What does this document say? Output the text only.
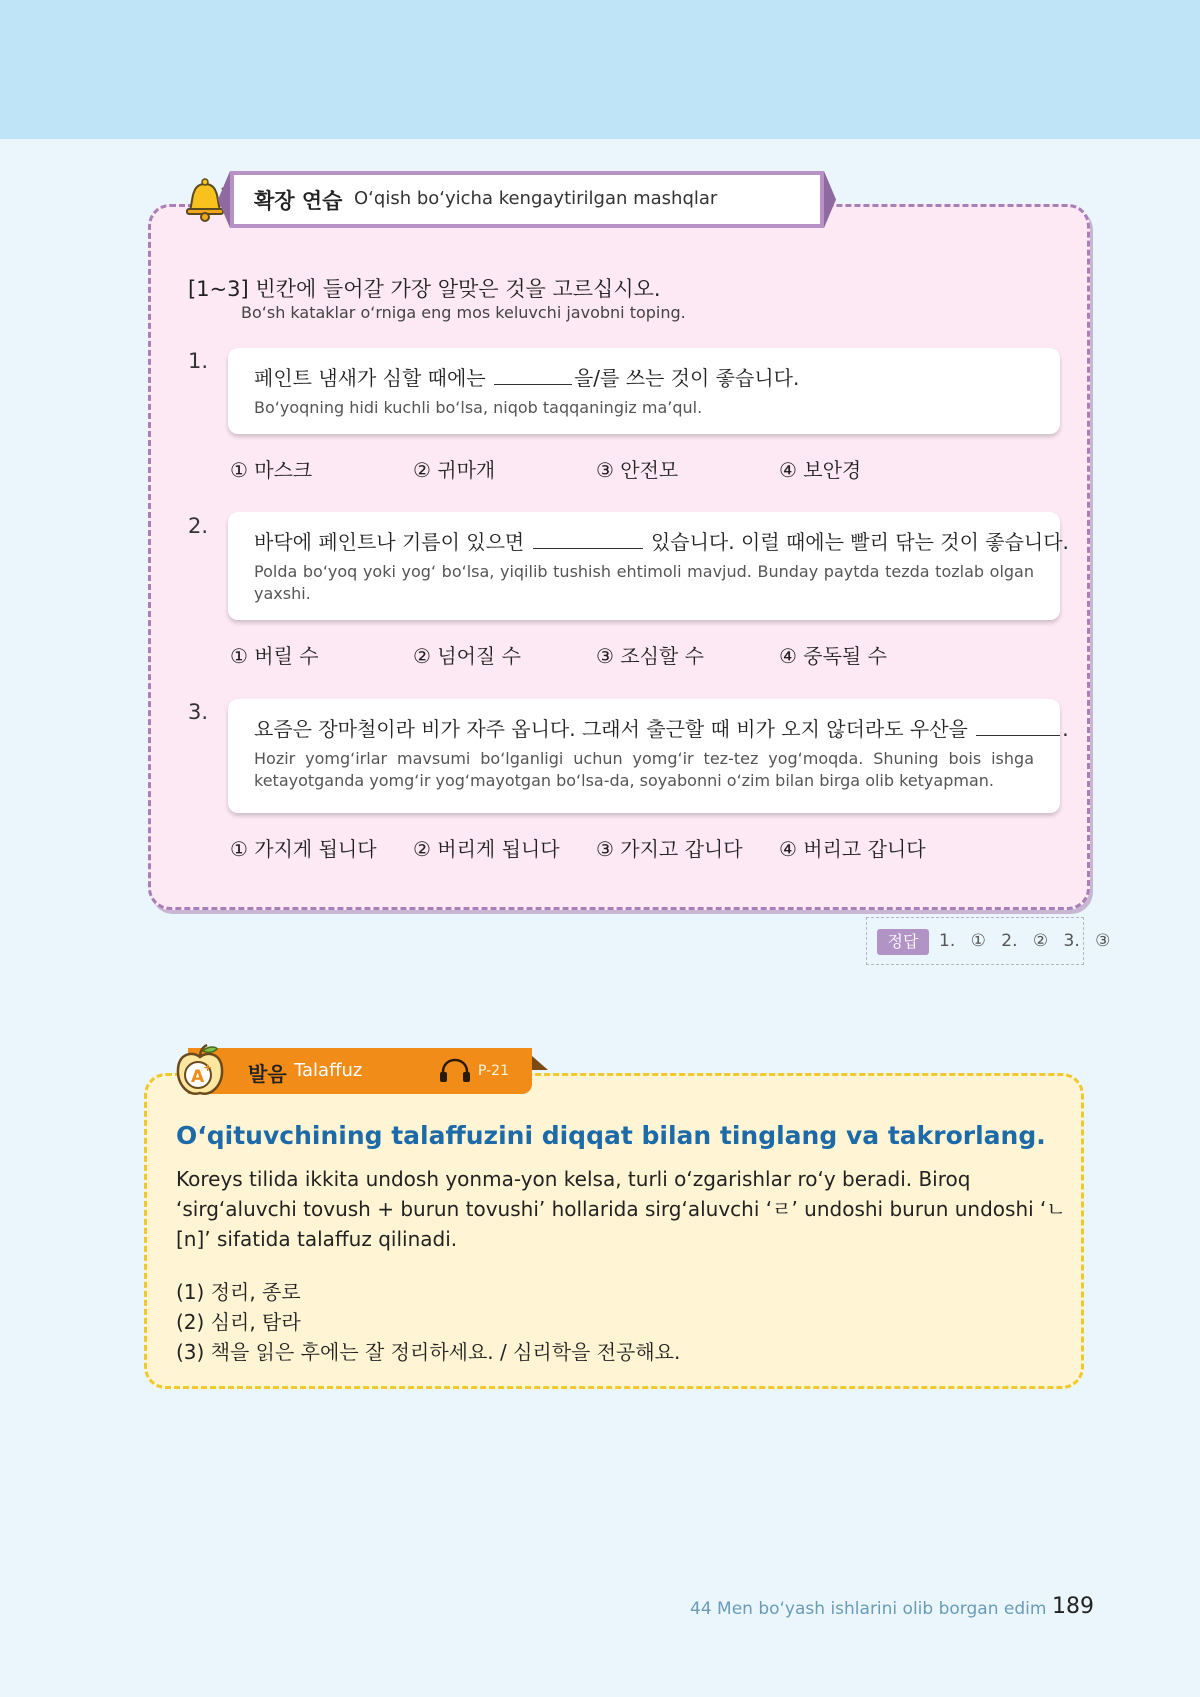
확장 연습 O‘qish bo‘yicha kengaytirilgan mashqlar
[1~3] 빈칸에 들어갈 가장 알맞은 것을 고르십시오.
Bo‘sh kataklar o‘rniga eng mos keluvchi javobni toping.
1.
페인트 냄새가 심할 때에는	을/를 쓰는 것이 좋습니다.
Bo‘yoqning hidi kuchli bo‘lsa, niqob taqqaningiz ma’qul.
① 마스크	② 귀마개	③ 안전모	④ 보안경
2.
바닥에 페인트나 기름이 있으면	있습니다. 이럴 때에는 빨리 닦는 것이 좋습니다.
Polda bo‘yoq yoki yog‘ bo‘lsa, yiqilib tushish ehtimoli mavjud. Bunday paytda tezda tozlab olgan yaxshi.
① 버릴 수	② 넘어질 수	③ 조심할 수	④ 중독될 수
3.
요즘은 장마철이라 비가 자주 옵니다. 그래서 출근할 때 비가 오지 않더라도 우산을	.
Hozir yomg‘irlar mavsumi bo‘lganligi uchun yomg‘ir tez-tez yog‘moqda. Shuning bois ishga ketayotganda yomg‘ir yog‘mayotgan bo‘lsa-da, soyabonni o‘zim bilan birga olib ketyapman.
① 가지게 됩니다 ② 버리게 됩니다 ③ 가지고 갑니다 ④ 버리고 갑니다
정답	1. ① 2. ② 3. ③
발음 Talaffuz	P-21
A
+
O‘qituvchining talaffuzini diqqat bilan tinglang va takrorlang.
Koreys tilida ikkita undosh yonma-yon kelsa, turli o‘zgarishlar ro‘y beradi. Biroq ‘sirg‘aluvchi tovush + burun tovushi’ hollarida sirg‘aluvchi ‘ㄹ’ undoshi burun undoshi ‘ㄴ[n]’ sifatida talaffuz qilinadi.
(1) 정리, 종로
(2) 심리, 탐라
(3) 책을 읽은 후에는 잘 정리하세요. / 심리학을 전공해요.
44 Men bo‘yash ishlarini olib borgan edim 189
